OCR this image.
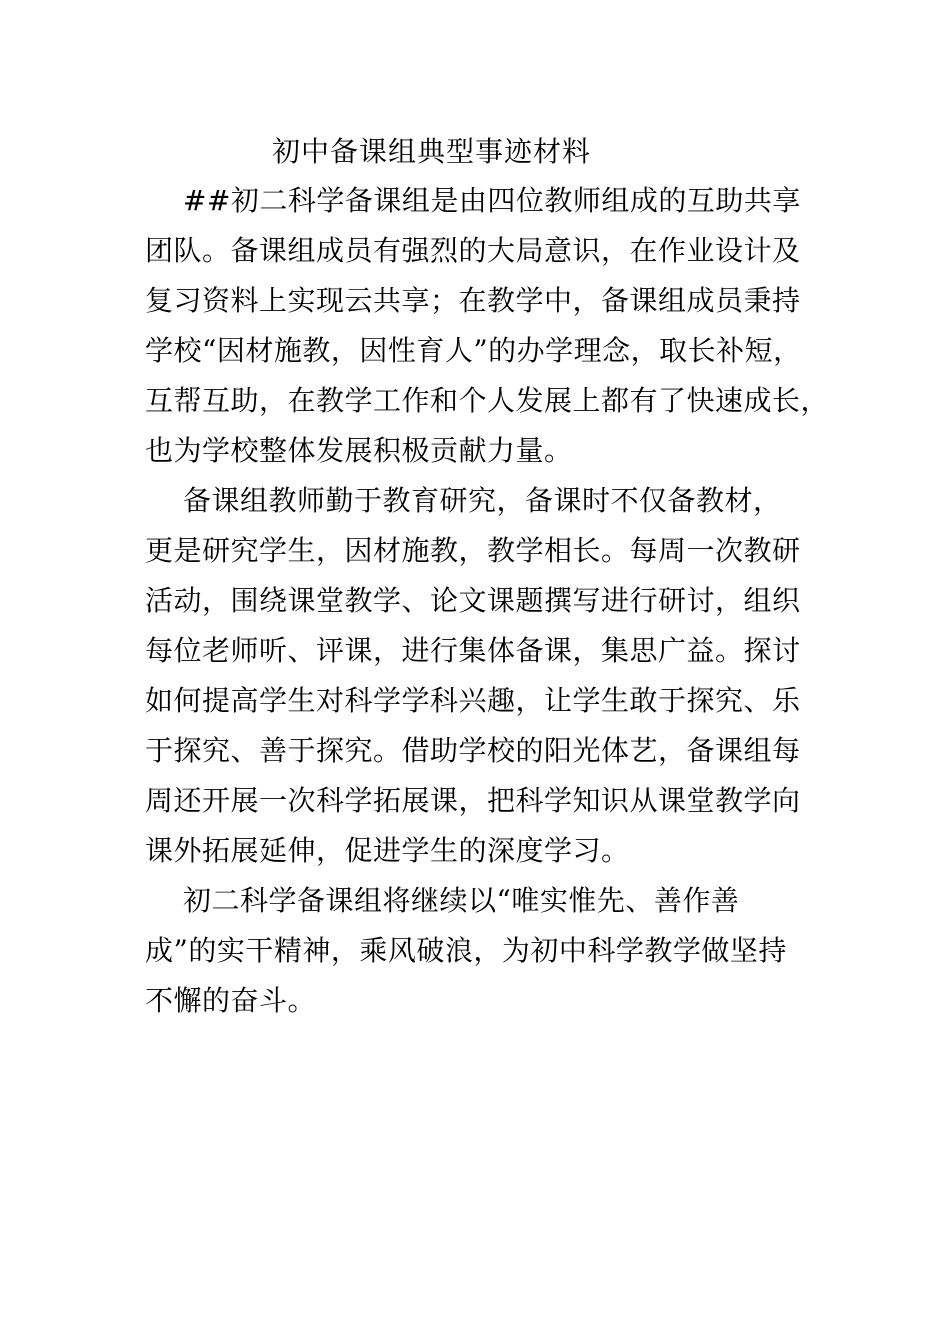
初中备课组典型事迹材料
##初二科学备课组是由四位教师组成的互助共享
团队。备课组成员有强烈的大局意识，在作业设计及
复习资料上实现云共享；在教学中，备课组成员秉持
学校“因材施教，因性育人”的办学理念，取长补短，
互帮互助，在教学工作和个人发展上都有了快速成长，
也为学校整体发展积极贡献力量。
备课组教师勤于教育研究，备课时不仅备教材，
更是研究学生，因材施教，教学相长。每周一次教研
活动，围绕课堂教学、论文课题撰写进行研讨，组织
每位老师听、评课，进行集体备课，集思广益。探讨
如何提高学生对科学学科兴趣，让学生敢于探究、乐
于探究、善于探究。借助学校的阳光体艺，备课组每
周还开展一次科学拓展课，把科学知识从课堂教学向
课外拓展延伸，促进学生的深度学习。
初二科学备课组将继续以“唯实惟先、善作善
成”的实干精神，乘风破浪，为初中科学教学做坚持
不懈的奋斗。
